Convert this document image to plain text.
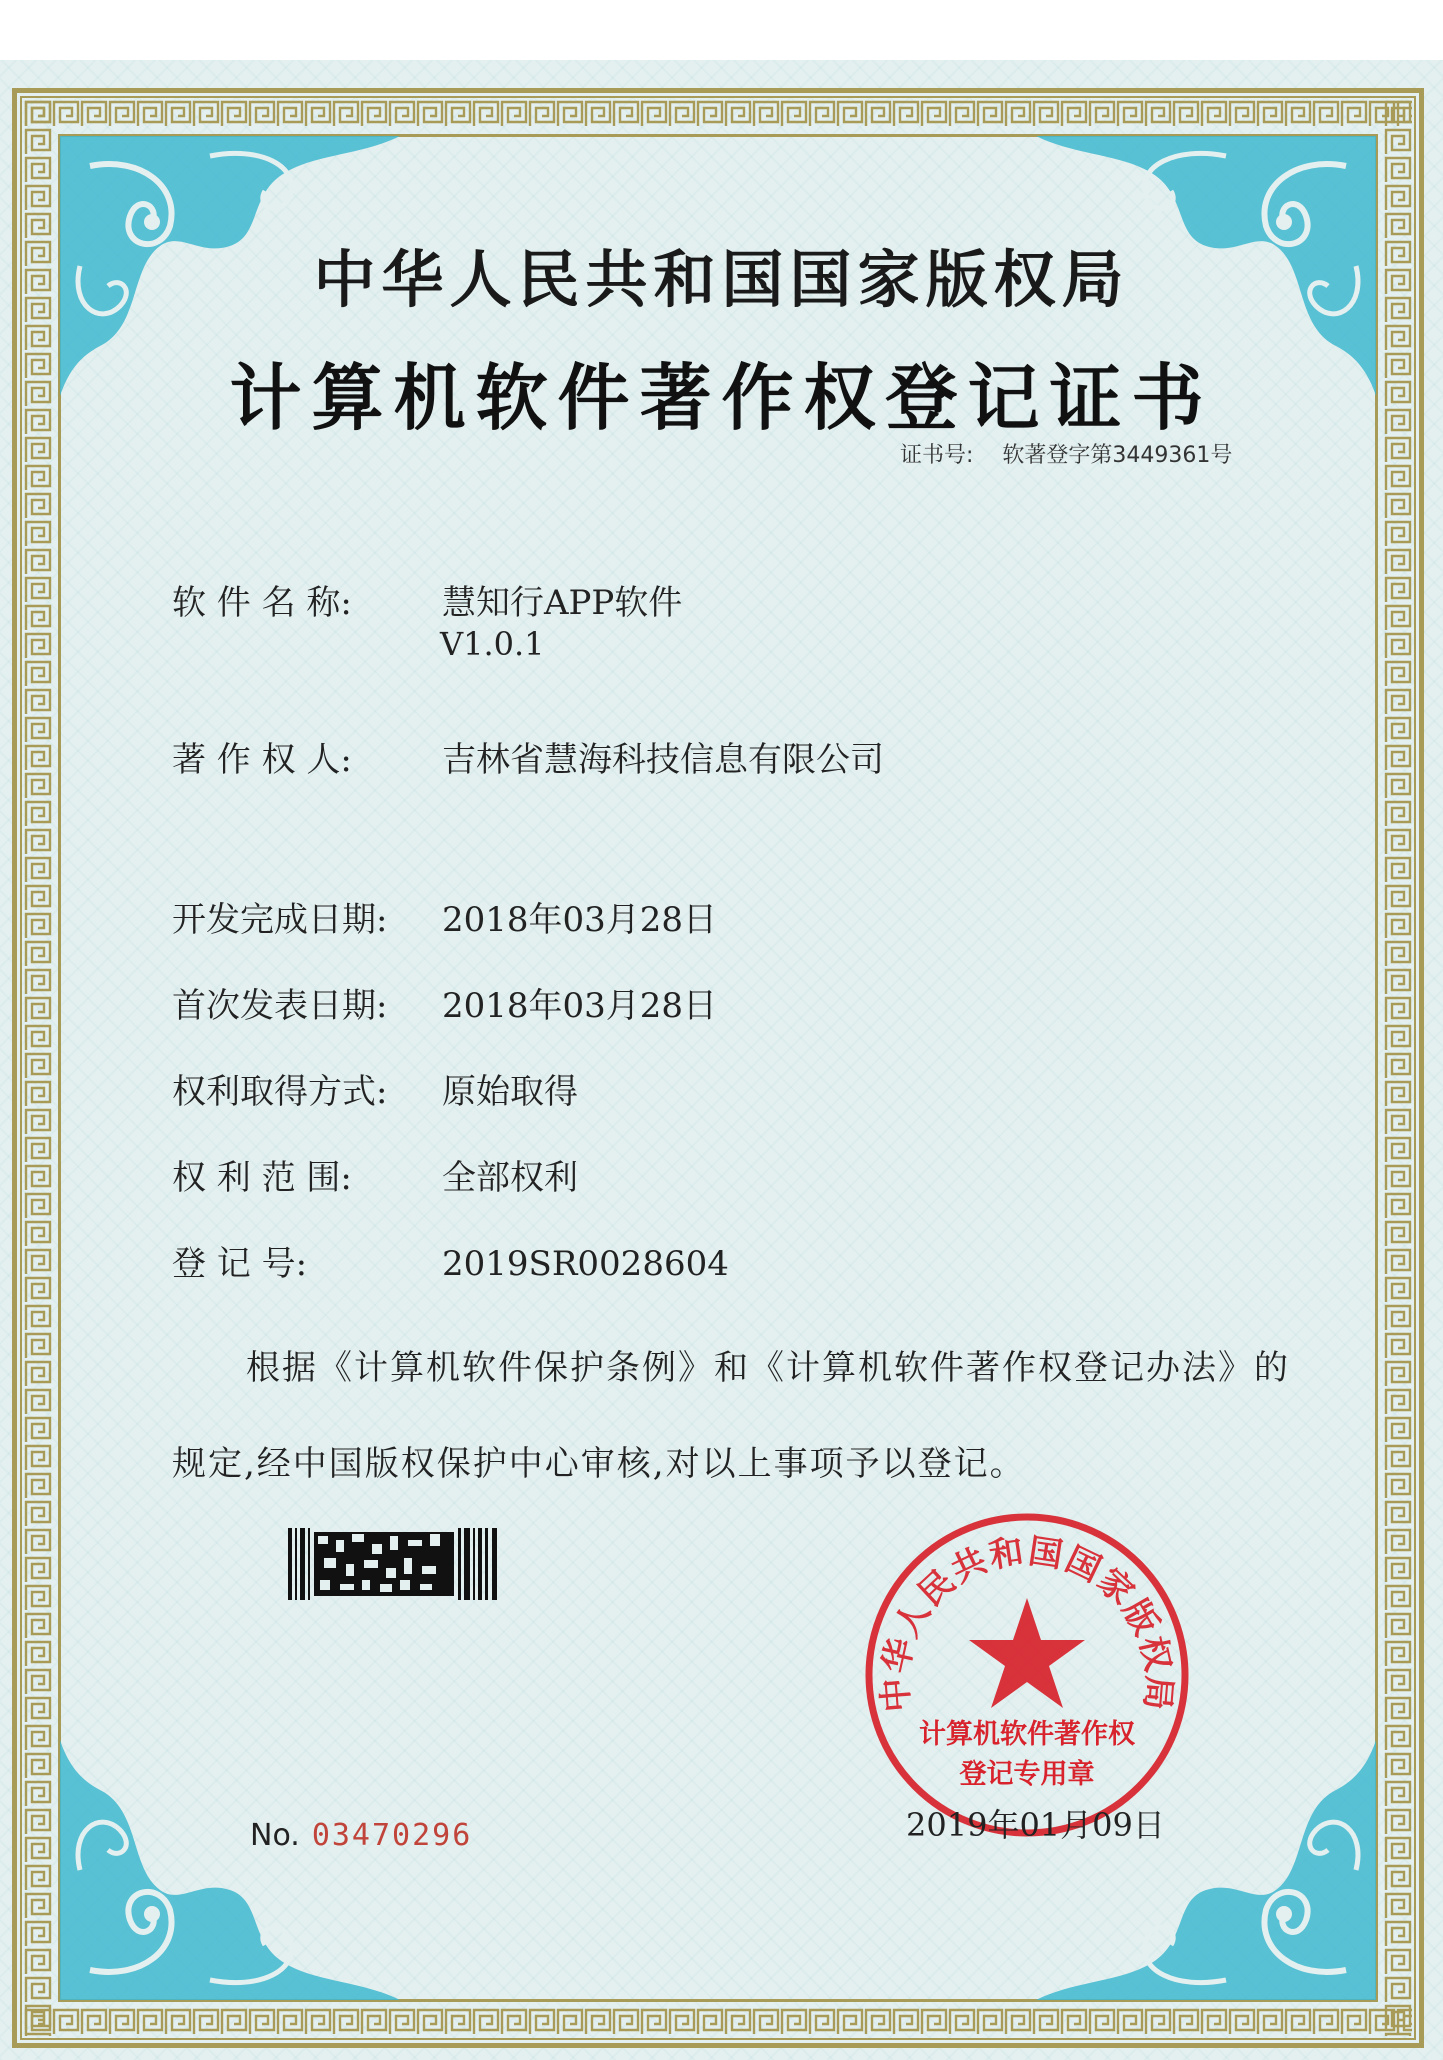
中华人民共和国国家版权局
计算机软件著作权登记证书
证书号: 软著登字第3449361号
软 件 名 称:	慧知行APP软件
V1.0.1
著 作 权 人:	吉林省慧海科技信息有限公司
开发完成日期: 2018年03月28日
首次发表日期: 2018年03月28日
权利取得方式: 原始取得
权 利 范 围:	全部权利
登 记 号:	2019SR0028604
根据《计算机软件保护条例》和《计算机软件著作权登记办法》的
规定,经中国版权保护中心审核,对以上事项予以登记。
中华人民共和国国家版权局
计算机软件著作权
登记专用章
No. 03470296	2019年01月09日
